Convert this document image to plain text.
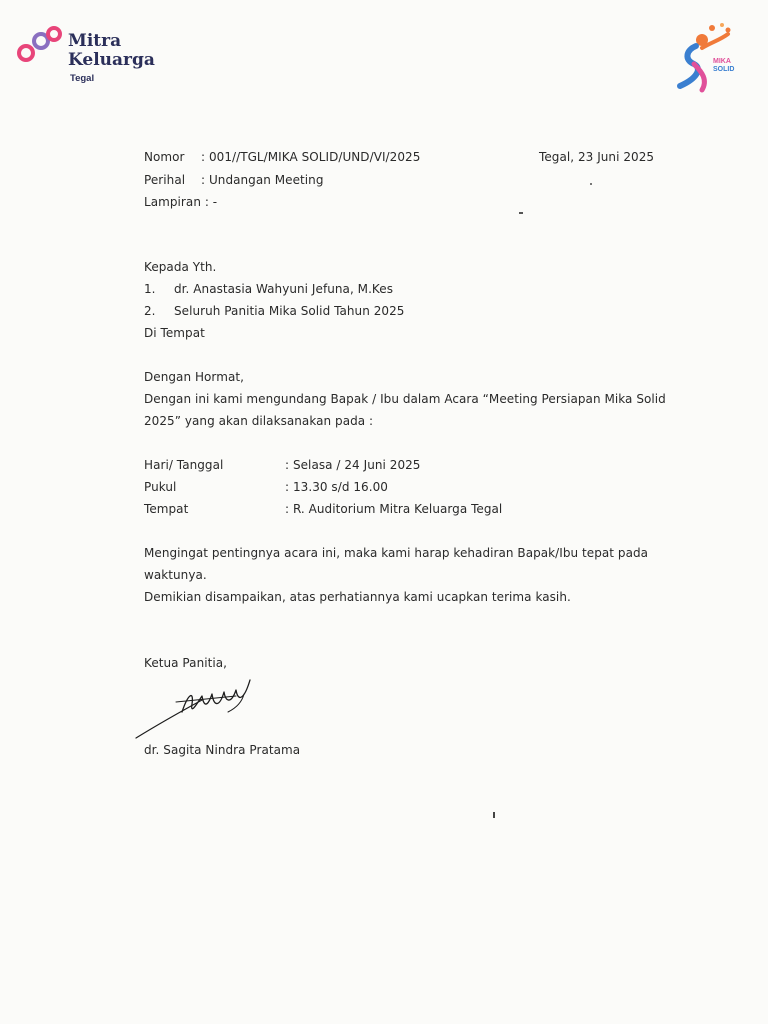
Mitra
Keluarga
Tegal
MIKA
SOLID
Nomor : 001//TGL/MIKA SOLID/UND/VI/2025	Tegal, 23 Juni 2025
Perihal : Undangan Meeting
Lampiran : -
Kepada Yth.
1. dr. Anastasia Wahyuni Jefuna, M.Kes
2. Seluruh Panitia Mika Solid Tahun 2025
Di Tempat
Dengan Hormat,
Dengan ini kami mengundang Bapak / Ibu dalam Acara “Meeting Persiapan Mika Solid
2025” yang akan dilaksanakan pada :
Hari/ Tanggal	: Selasa / 24 Juni 2025
Pukul	: 13.30 s/d 16.00
Tempat	: R. Auditorium Mitra Keluarga Tegal
Mengingat pentingnya acara ini, maka kami harap kehadiran Bapak/Ibu tepat pada
waktunya.
Demikian disampaikan, atas perhatiannya kami ucapkan terima kasih.
Ketua Panitia,
dr. Sagita Nindra Pratama
